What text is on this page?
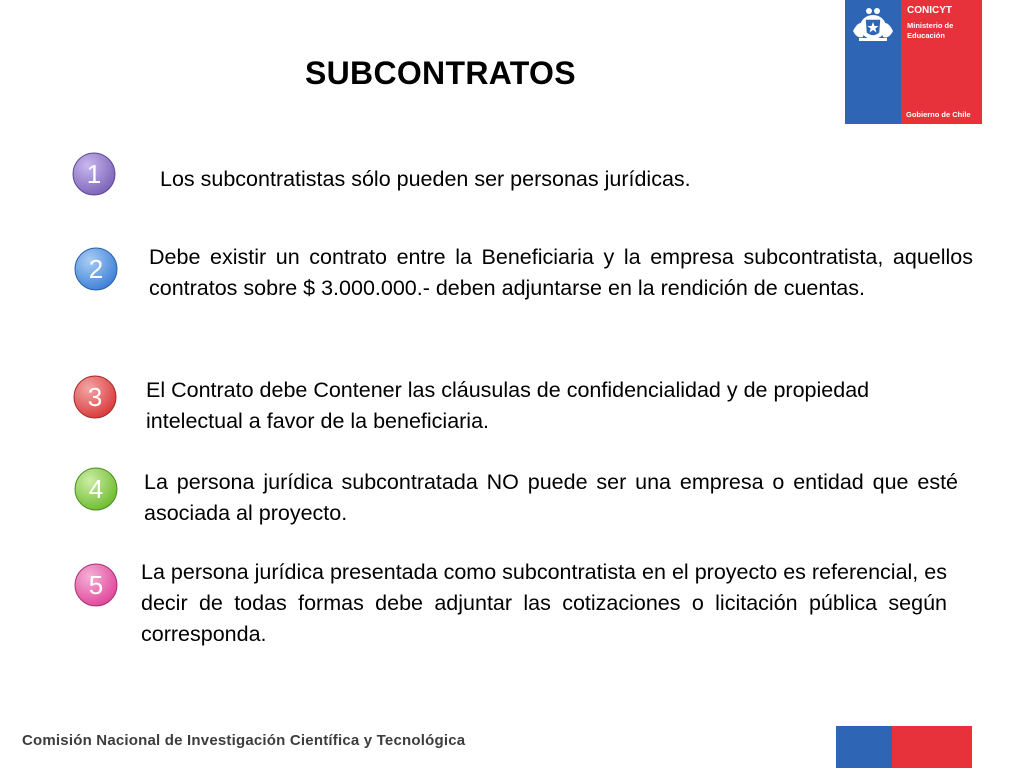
CONICYT
Ministerio de Educación
Gobierno de Chile
SUBCONTRATOS
1	Los subcontratistas sólo pueden ser personas jurídicas.

2 Debe existir un contrato entre la Beneficiaria y la empresa subcontratista, aquellos contratos sobre $ 3.000.000.- deben adjuntarse en la rendición de cuentas.

3 El Contrato debe Contener las cláusulas de confidencialidad y de propiedad intelectual a favor de la beneficiaria.

4 La persona jurídica subcontratada NO puede ser una empresa o entidad que esté asociada al proyecto.

5 La persona jurídica presentada como subcontratista en el proyecto es referencial, es decir de todas formas debe adjuntar las cotizaciones o licitación pública según corresponda.

Comisión Nacional de Investigación Científica y Tecnológica
